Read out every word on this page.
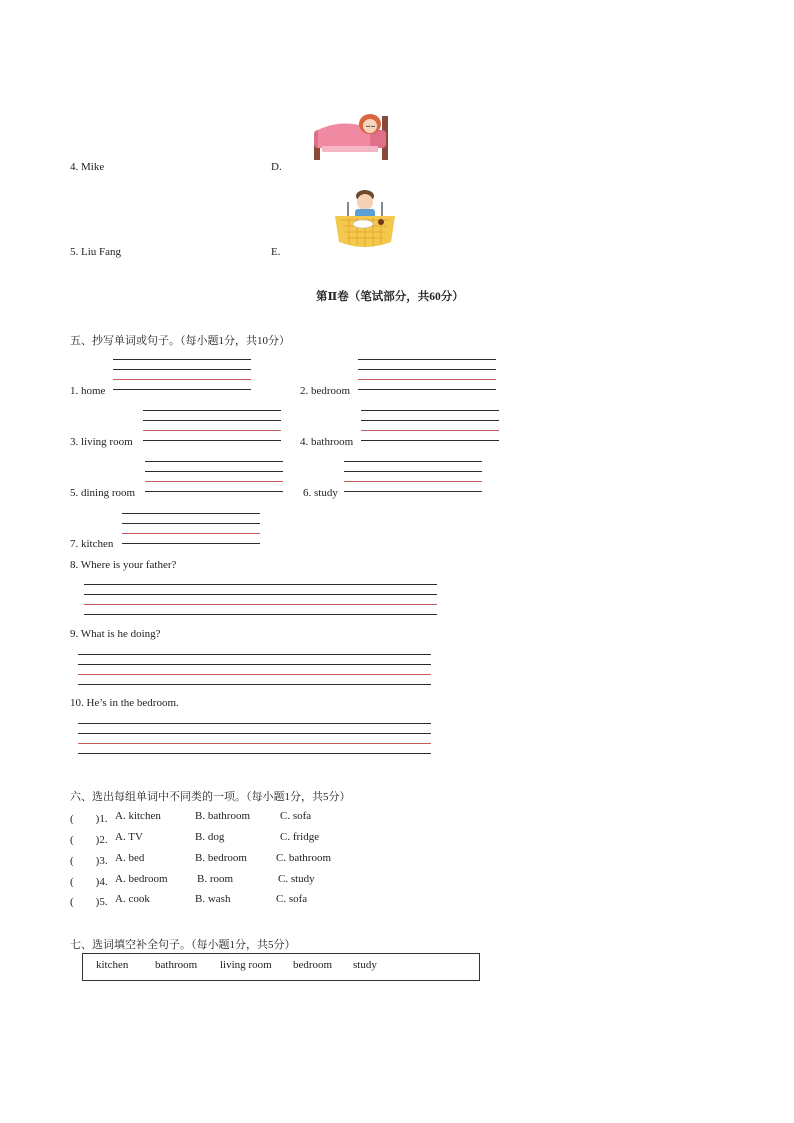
4. Mike	D.
5. Liu Fang	E.
第Ⅱ卷（笔试部分，共60分）
五、抄写单词或句子。（每小题1分，共10分）
1. home	2. bedroom
3. living room	4. bathroom
5. dining room	6. study
7. kitchen
8. Where is your father?
9. What is he doing?
10. He’s in the bedroom.
六、选出每组单词中不同类的一项。（每小题1分，共5分）
(　　)1. A. kitchen	B. bathroom	C. sofa
(　　)2. A. TV	B. dog	C. fridge
(　　)3. A. bed	B. bedroom	C. bathroom
(　　)4. A. bedroom	B. room	C. study
(　　)5. A. cook	B. wash	C. sofa
七、选词填空补全句子。（每小题1分，共5分）
kitchen bathroom living room bedroom study
